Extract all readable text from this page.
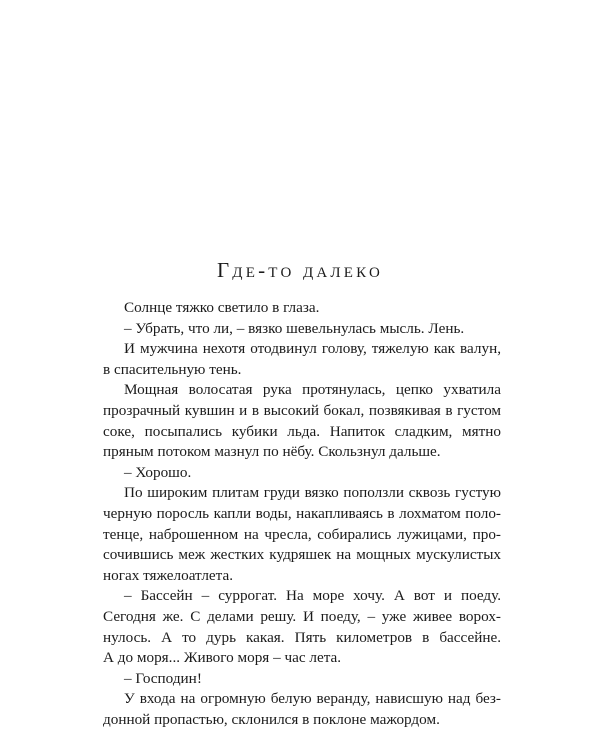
Где-то далеко
Солнце тяжко светило в глаза.
– Убрать, что ли, – вязко шевельнулась мысль. Лень.
И мужчина нехотя отодвинул голову, тяжелую как валун,
в спасительную тень.
Мощная волосатая рука протянулась, цепко ухватила
прозрачный кувшин и в высокий бокал, позвякивая в густом
соке, посыпались кубики льда. Напиток сладким, мятно
пряным потоком мазнул по нёбу. Скользнул дальше.
– Хорошо.
По широким плитам груди вязко поползли сквозь густую
черную поросль капли воды, накапливаясь в лохматом поло-
тенце, наброшенном на чресла, собирались лужицами, про-
сочившись меж жестких кудряшек на мощных мускулистых
ногах тяжелоатлета.
– Бассейн – суррогат. На море хочу. А вот и поеду.
Сегодня же. С делами решу. И поеду, – уже живее ворох-
нулось. А то дурь какая. Пять километров в бассейне.
А до моря... Живого моря – час лета.
– Господин!
У входа на огромную белую веранду, нависшую над без-
донной пропастью, склонился в поклоне мажордом.
